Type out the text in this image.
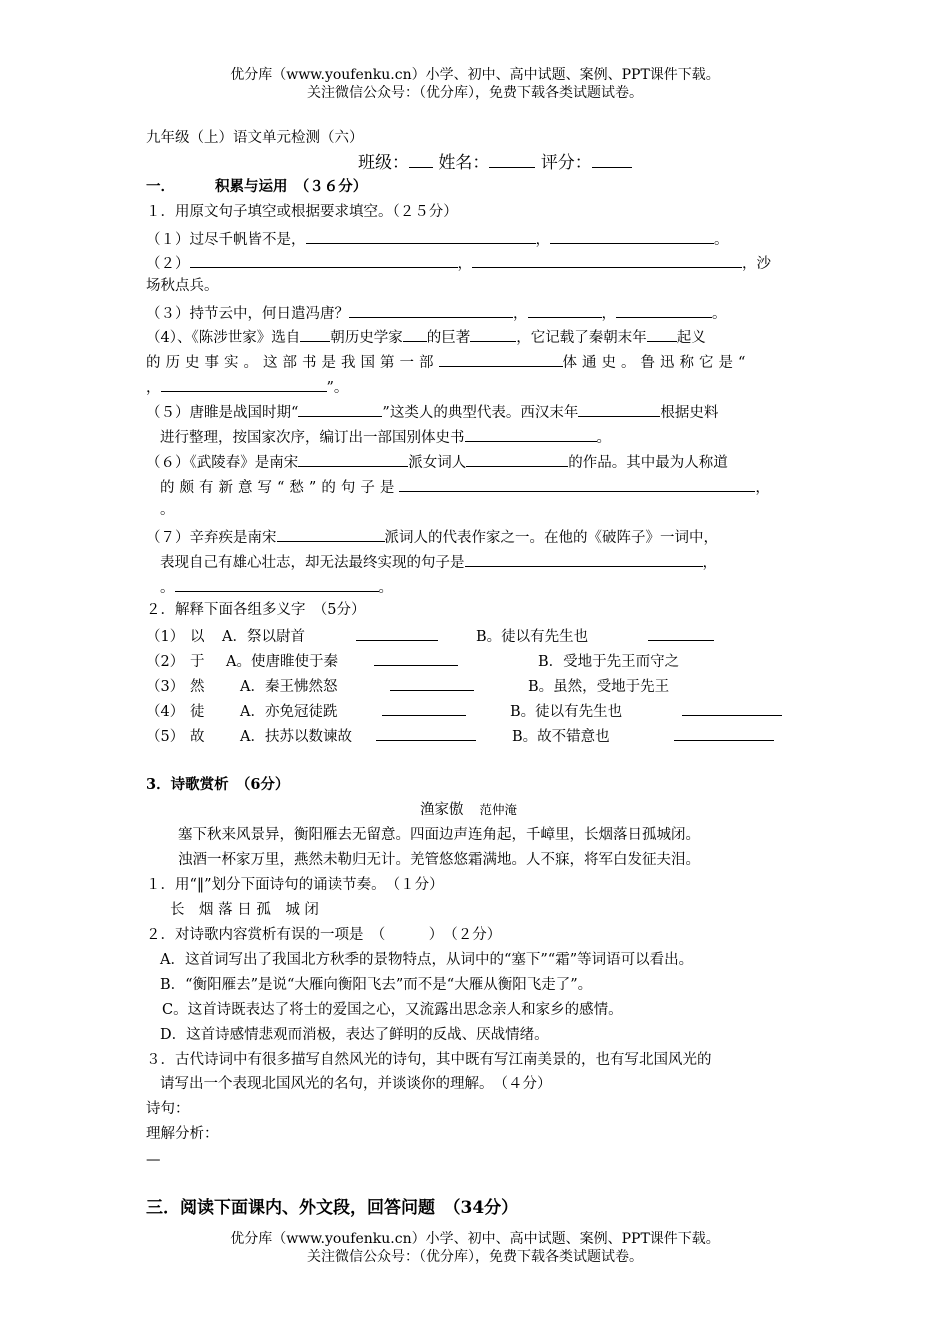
优分库（www.youfenku.cn）小学、初中、高中试题、案例、PPT课件下载。
关注微信公众号：（优分库），免费下载各类试题试卷。
九年级（上）语文单元检测（六）
班级： 姓名：	评分：
一．	积累与运用　（３６分）
１．用原文句子填空或根据要求填空。（２５分）
（１）过尽千帆皆不是，	，	。
（２）	，	，沙
场秋点兵。
（３）持节云中，何日遣冯唐？	，	，	。
（4）、《陈涉世家》选自 朝历史学家 的巨著	，它记载了秦朝末年 起义
的历史事实。这部书是我国第一部	体通史。鲁迅称它是“
，	”。
（５）唐睢是战国时期“	”这类人的典型代表。西汉末年	根据史料
进行整理，按国家次序，编订出一部国别体史书	。
（６）《武陵春》是南宋	派女词人	的作品。其中最为人称道
的颇有新意写“愁”的句子是	，
。
（７）辛弃疾是南宋	派词人的代表作家之一。在他的《破阵子》一词中，
表现自己有雄心壮志，却无法最终实现的句子是	，
。	。
２．解释下面各组多义字　（5分）
（1） 以 A．祭以尉首	B。徒以有先生也
（2） 于 A。使唐睢使于秦	B．受地于先王而守之
（3） 然 A．秦王怫然怒	B。虽然，受地于先王
（4） 徒 A．亦免冠徒跣	B。徒以有先生也
（5） 故 A．扶苏以数谏故	B。故不错意也
3．诗歌赏析　（6分）
渔家傲 范仲淹
塞下秋来风景异，衡阳雁去无留意。四面边声连角起，千嶂里，长烟落日孤城闭。
浊酒一杯家万里，燕然未勒归无计。羌管悠悠霜满地。人不寐，将军白发征夫泪。
１．用“‖”划分下面诗句的诵读节奏。　（１分）
长　烟 落 日 孤　城 闭
２．对诗歌内容赏析有误的一项是　（　　　）　（２分）
A．这首词写出了我国北方秋季的景物特点，从词中的“塞下”“霜”等词语可以看出。
B．“衡阳雁去”是说“大雁向衡阳飞去”而不是“大雁从衡阳飞走了”。
C。这首诗既表达了将士的爱国之心，又流露出思念亲人和家乡的感情。
D．这首诗感情悲观而消极，表达了鲜明的反战、厌战情绪。
３．古代诗词中有很多描写自然风光的诗句，其中既有写江南美景的，也有写北国风光的
请写出一个表现北国风光的名句，并谈谈你的理解。　（４分）
诗句：
理解分析：
—
三．阅读下面课内、外文段，回答问题　（34分）
优分库（www.youfenku.cn）小学、初中、高中试题、案例、PPT课件下载。
关注微信公众号：（优分库），免费下载各类试题试卷。
